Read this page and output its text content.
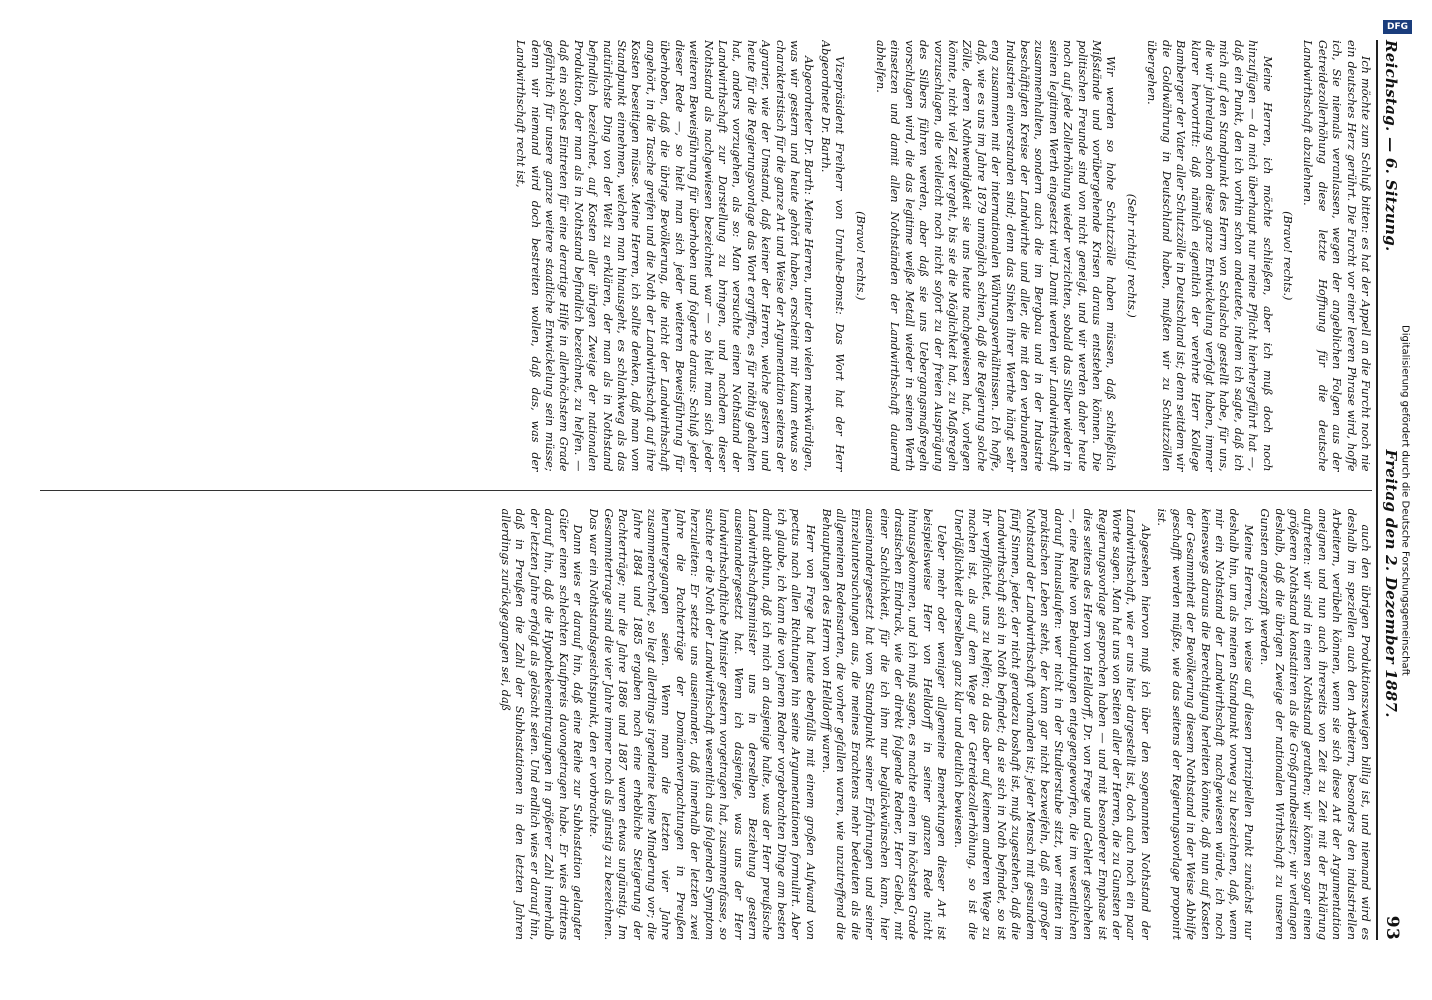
Reichstag. — 6. Sitzung.
Freitag den 2. Dezember 1887.
93

Ich möchte zum Schluß bitten: es hat der Appell an die Furcht noch nie ein deutsches Herz gerührt. Die Furcht vor einer leeren Phrase wird, hoffe ich, Sie niemals veranlassen, wegen der angeblichen Folgen aus der Getreidezollerhöhung diese letzte Hoffnung für die deutsche Landwirthschaft abzulehnen.

(Bravo! rechts.)

Meine Herren, ich möchte schließen, aber ich muß doch noch hinzufügen — da mich überhaupt nur meine Pflicht hierhergeführt hat —, daß ein Punkt, den ich vorhin schon andeutete, indem ich sagte, daß ich mich auf den Standpunkt des Herrn von Schalscha gestellt habe, für uns, die wir jahrelang schon diese ganze Entwickelung verfolgt haben, immer klarer hervortritt: daß nämlich eigentlich der verehrte Herr Kollege Bamberger der Vater aller Schutzzölle in Deutschland ist; denn seitdem wir die Goldwährung in Deutschland haben, mußten wir zu Schutzzöllen übergehen.

(Sehr richtig! rechts.)

Wir werden so hohe Schutzzölle haben müssen, daß schließlich Mißstände und vorübergehende Krisen daraus entstehen können. Die politischen Freunde sind von nicht geneigt, und wir werden daher heute noch auf jede Zollerhöhung wieder verzichten, sobald das Silber wieder in seinen legitimen Werth eingesetzt wird. Damit werden wir Landwirthschaft zusammenhalten, sondern auch die im Bergbau und in der Industrie beschäftigten Kreise der Landwirthe und aller, die mit den verbundenen Industrien einverstanden sind; denn das Sinken ihrer Werthe hängt sehr eng zusammen mit der internationalen Währungsverhältnissen. Ich hoffe, daß, wie es uns im Jahre 1879 unmöglich schien, daß die Regierung solche Zölle, deren Nothwendigkeit sie uns heute nachgewiesen hat, vorlegen könnte, nicht viel Zeit vergeht, bis sie die Möglichkeit hat, zu Maßregeln vorzuschlagen, die vielleicht noch nicht sofort zu der freien Ausprägung des Silbers führen werden, aber daß sie uns Uebergangsmaßregeln vorschlagen wird, die das legitime weiße Metall wieder in seinen Werth einsetzen und damit allen Nothständen der Landwirthschaft dauernd abhelfen.

(Bravo! rechts.)

Vizepräsident Freiherr von Unruhe-Bomst: Das Wort hat der Herr Abgeordnete Dr. Barth.

Abgeordneter Dr. Barth: Meine Herren, unter den vielen merkwürdigen, was wir gestern und heute gehört haben, erscheint mir kaum etwas so charakteristisch für die ganze Art und Weise der Argumentation seitens der Agrarier, wie der Umstand, daß keiner der Herren, welche gestern und heute für die Regierungsvorlage das Wort ergriffen, es für nöthig gehalten hat, anders vorzugehen, als so: Man versuchte einen Nothstand der Landwirthschaft zur Darstellung zu bringen, und nachdem dieser Nothstand als nachgewiesen bezeichnet war — so hielt man sich jeder weiteren Beweisführung für überhoben und folgerte daraus: Schluß jeder dieser Rede —, so hielt man sich jeder weiteren Beweisführung für überhoben, daß die übrige Bevölkerung, die nicht der Landwirthschaft angehört, in die Tasche greifen und die Noth der Landwirthschaft auf ihre Kosten beseitigen müsse. Meine Herren, ich sollte denken, daß man vom Standpunkt einnehmen, welchen man hinausgeht, es schlankweg als das natürlichste Ding von der Welt zu erklären, der man als in Nothstand befindlich bezeichnet, auf Kosten aller übrigen Zweige der nationalen Produktion, der man als in Nothstand befindlich bezeichnet, zu helfen. — daß ein solches Eintreten für eine derartige Hilfe in allerhöchstem Grade gefährlich für unsere ganze weitere staatliche Entwickelung sein müsse; denn wir niemand wird doch bestreiten wollen, daß das, was der Landwirthschaft recht ist,

auch den übrigen Produktionszweigen billig ist, und niemand wird es deshalb im speziellen auch den Arbeitern, besonders den industriellen Arbeitern, verübeln können, wenn sie sich diese Art der Argumentation aneignen und nun auch ihrerseits von Zeit zu Zeit mit der Erklärung auftreten: wir sind in einen Nothstand gerathen; wir können sogar einen größeren Nothstand konstatiren als die Großgrundbesitzer; wir verlangen deshalb, daß die übrigen Zweige der nationalen Wirthschaft zu unseren Gunsten angezapft werden.

Meine Herren, ich weise auf diesen prinzipiellen Punkt zunächst nur deshalb hin, um als meinen Standpunkt vorweg zu bezeichnen, daß, wenn mir ein Nothstand der Landwirthschaft nachgewiesen würde, ich noch keineswegs daraus die Berechtigung herleiten könnte, daß nun auf Kosten der Gesammtheit der Bevölkerung diesem Nothstand in der Weise Abhilfe geschafft werden müßte, wie das seitens der Regierungsvorlage proponirt ist.

Abgesehen hiervon muß ich über den sogenannten Nothstand der Landwirthschaft, wie er uns hier dargestellt ist, doch auch noch ein paar Worte sagen. Man hat uns von Seiten aller der Herren, die zu Gunsten der Regierungsvorlage gesprochen haben — und mit besonderer Emphase ist dies seitens des Herrn von Helldorff, Dr. von Frege und Gehlert geschehen —, eine Reihe von Behauptungen entgegengeworfen, die im wesentlichen darauf hinauslaufen: wer nicht in der Studierstube sitzt, wer mitten im praktischen Leben steht, der kann gar nicht bezweifeln, daß ein großer Nothstand der Landwirthschaft vorhanden ist; jeder Mensch mit gesundem fünf Sinnen, jeder, der nicht geradezu boshaft ist, muß zugestehen, daß die Landwirthschaft sich in Noth befindet; da sie sich in Noth befindet, so ist Ihr verpflichtet, uns zu helfen; da das aber auf keinem anderen Wege zu machen ist, als auf dem Wege der Getreidezollerhöhung, so ist die Unerläßlichkeit derselben ganz klar und deutlich bewiesen.

Ueber mehr oder weniger allgemeine Bemerkungen dieser Art ist beispielsweise Herr von Helldorff in seiner ganzen Rede nicht hinausgekommen, und ich muß sagen, es machte einen im höchsten Grade drastischen Eindruck, wie der direkt folgende Redner, Herr Geibel, mit einer Sachlichkeit, für die ich ihm nur beglückwünschen kann, hier auseinandergesetzt hat vom Standpunkt seiner Erfahrungen und seiner Einzeluntersuchungen aus, die meines Erachtens mehr bedeuten als die allgemeinen Redensarten, die vorher gefallen waren, wie unzutreffend die Behauptungen des Herrn von Helldorff waren.

Herr von Frege hat heute ebenfalls mit einem großen Aufwand von pectus nach allen Richtungen hin seine Argumentationen formulirt. Aber ich glaube, ich kann die von jenem Redner vorgebrachten Dinge am besten damit abthun, daß ich mich an dasjenige halte, was der Herr preußische Landwirthschaftsminister uns in derselben Beziehung gestern auseinandergesetzt hat. Wenn ich dasjenige, was uns der Herr landwirthschaftliche Minister gestern vorgetragen hat, zusammenfasse, so suchte er die Noth der Landwirthschaft wesentlich aus folgenden Symptom herzuleiten: Er setzte uns auseinander, daß innerhalb der letzten zwei Jahre die Pachterträge der Domänenverpachtungen in Preußen heruntergegangen seien. Wenn man die letzten vier Jahre zusammenrechnet, so liegt allerdings irgendeine keine Minderung vor; die Jahre 1884 und 1885 ergaben noch eine erhebliche Steigerung der Pachterträge; nur die Jahre 1886 und 1887 waren etwas ungünstig. Im Gesammtertrage sind die vier Jahre immer noch als günstig zu bezeichnen. Das war ein Nothstandsgesichtspunkt, den er vorbrachte.

Dann wies er darauf hin, daß eine Reihe zur Subhastation gelangter Güter einen schlechten Kaufpreis davongetragen habe. Er wies drittens darauf hin, daß die Hypothekeneintragungen in größerer Zahl innerhalb der letzten Jahre erfolgt als gelöscht seien. Und endlich wies er darauf hin, daß in Preußen die Zahl der Subhastationen in den letzten Jahren allerdings zurückgegangen sei, daß	Digitalisierung gefördert durch die Deutsche Forschungsgemeinschaft
DFG
